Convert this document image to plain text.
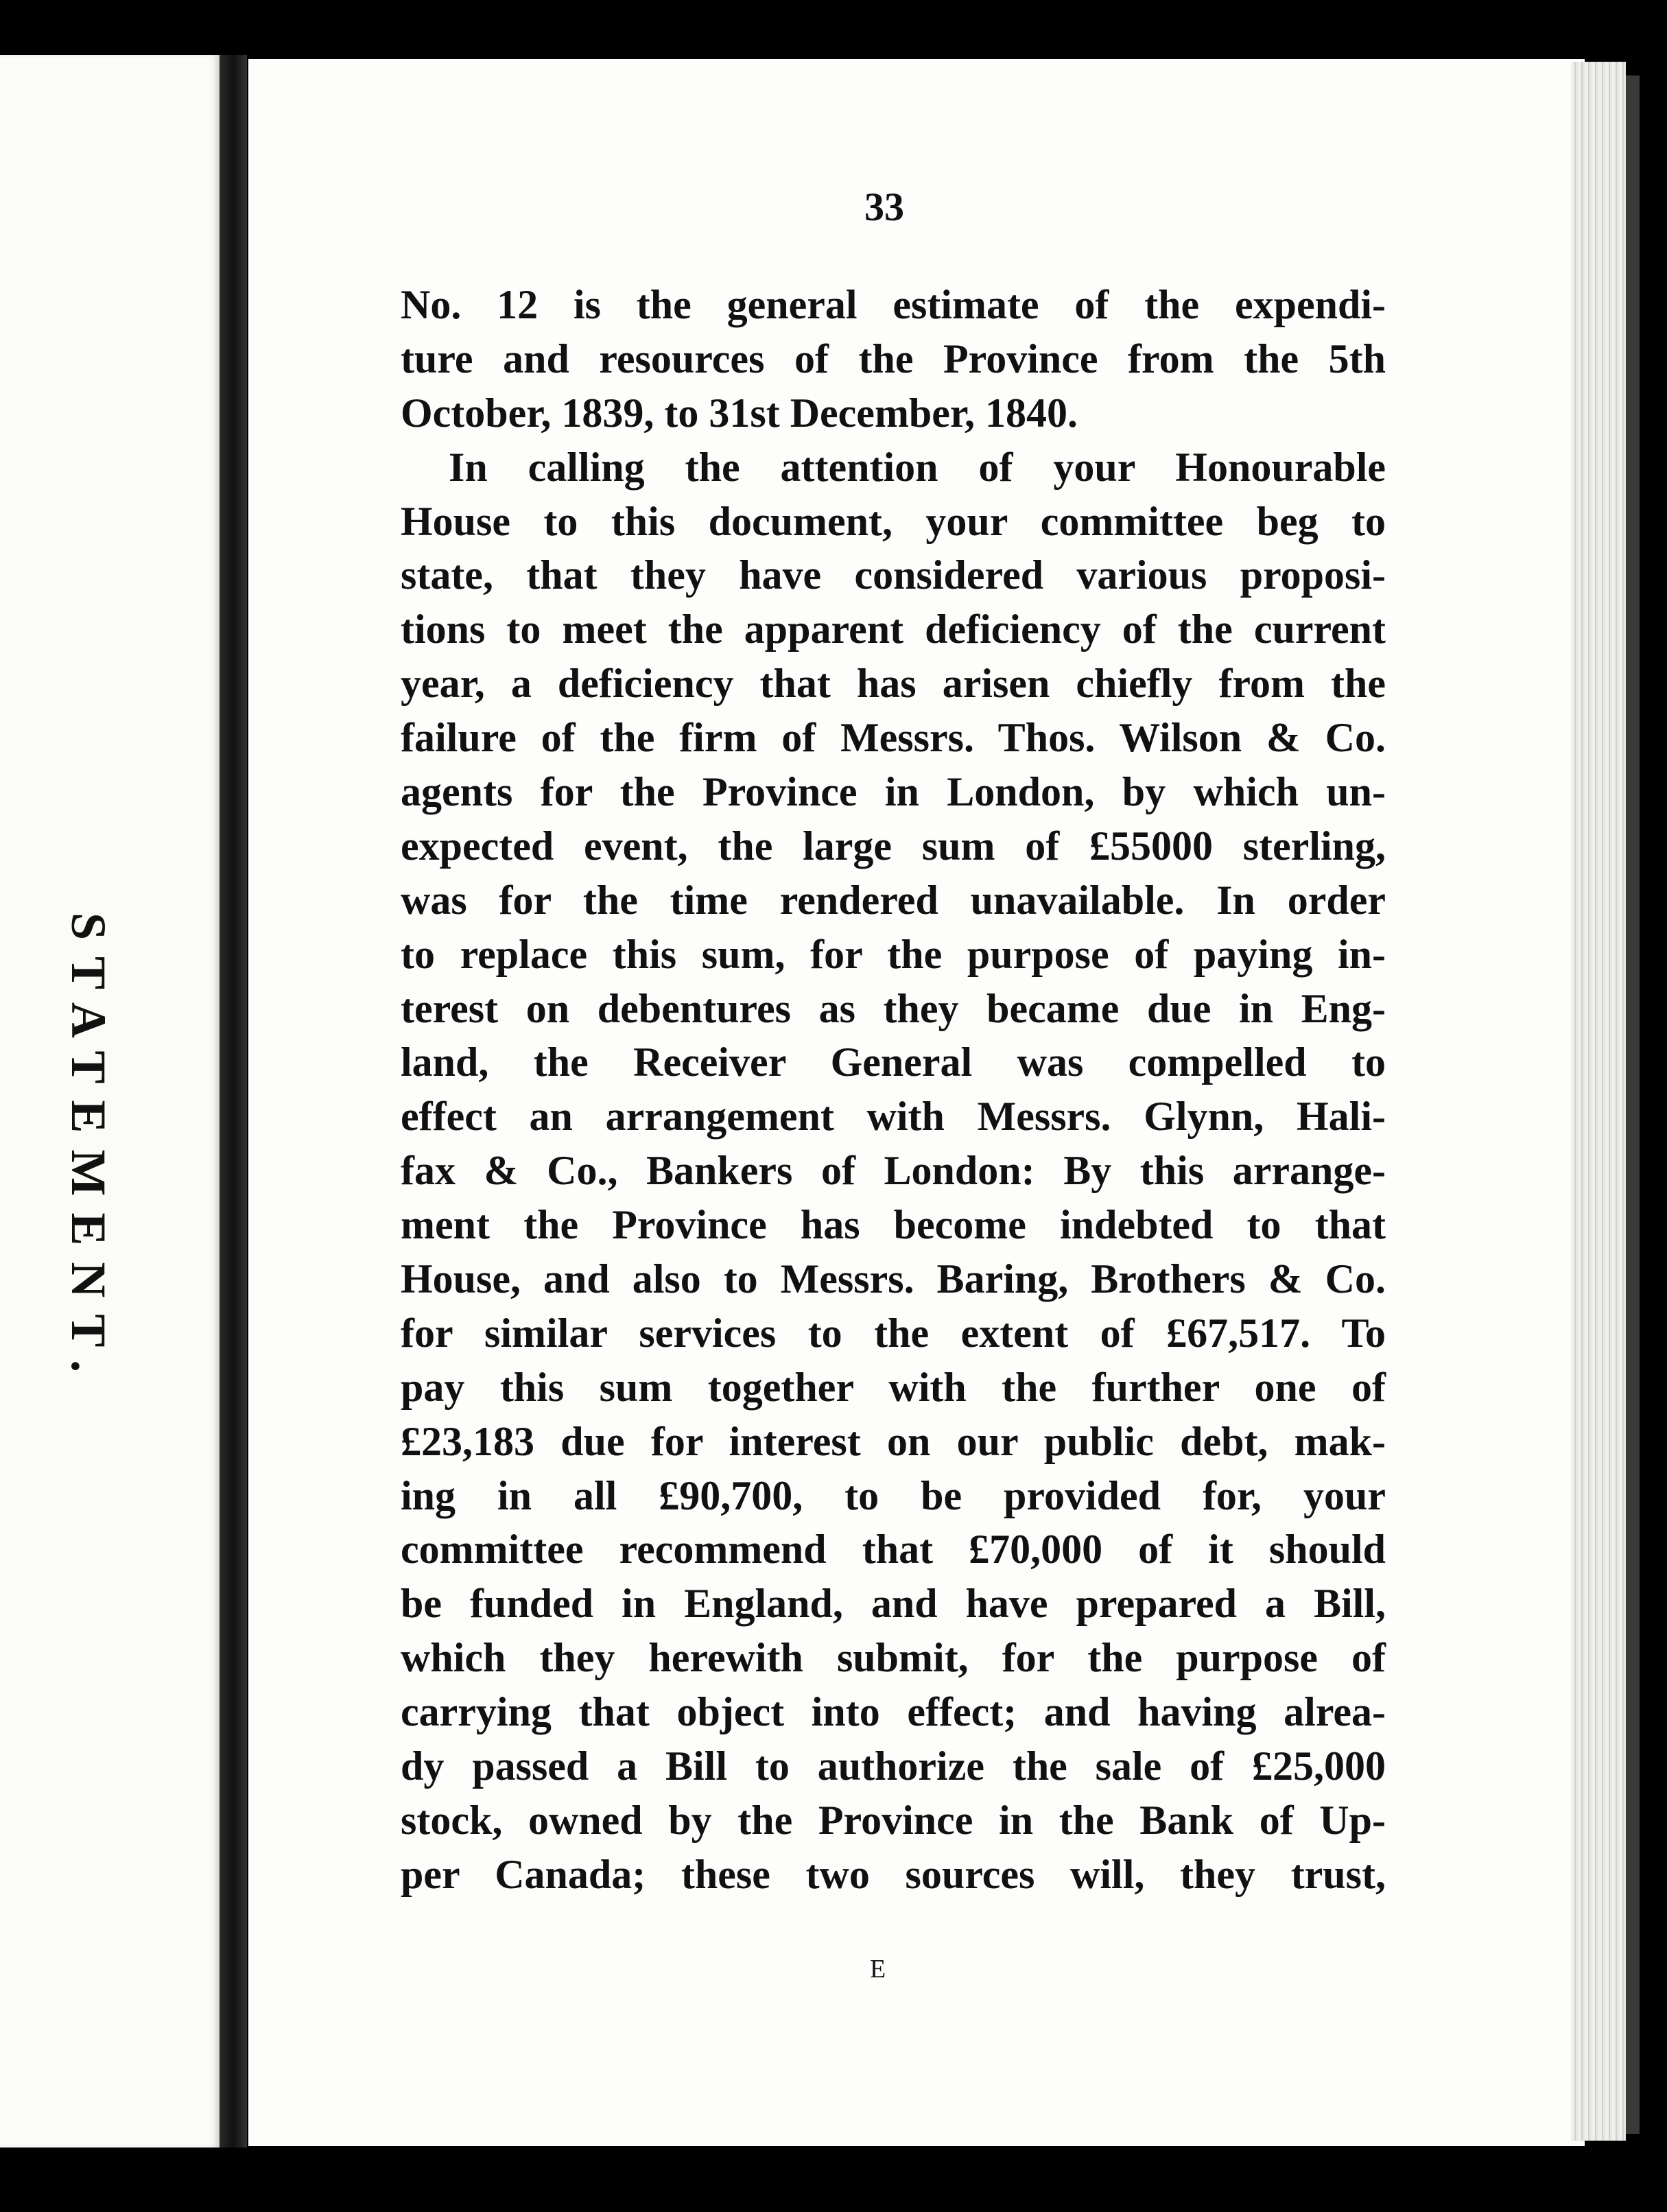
STATEMENT.
33
No. 12 is the general estimate of the expendi-
ture and resources of the Province from the 5th
October, 1839, to 31st December, 1840.
In calling the attention of your Honourable
House to this document, your committee beg to
state, that they have considered various proposi-
tions to meet the apparent deficiency of the current
year, a deficiency that has arisen chiefly from the
failure of the firm of Messrs. Thos. Wilson & Co.
agents for the Province in London, by which un-
expected event, the large sum of £55000 sterling,
was for the time rendered unavailable. In order
to replace this sum, for the purpose of paying in-
terest on debentures as they became due in Eng-
land, the Receiver General was compelled to
effect an arrangement with Messrs. Glynn, Hali-
fax & Co., Bankers of London: By this arrange-
ment the Province has become indebted to that
House, and also to Messrs. Baring, Brothers & Co.
for similar services to the extent of £67,517. To
pay this sum together with the further one of
£23,183 due for interest on our public debt, mak-
ing in all £90,700, to be provided for, your
committee recommend that £70,000 of it should
be funded in England, and have prepared a Bill,
which they herewith submit, for the purpose of
carrying that object into effect; and having alrea-
dy passed a Bill to authorize the sale of £25,000
stock, owned by the Province in the Bank of Up-
per Canada; these two sources will, they trust,
E
